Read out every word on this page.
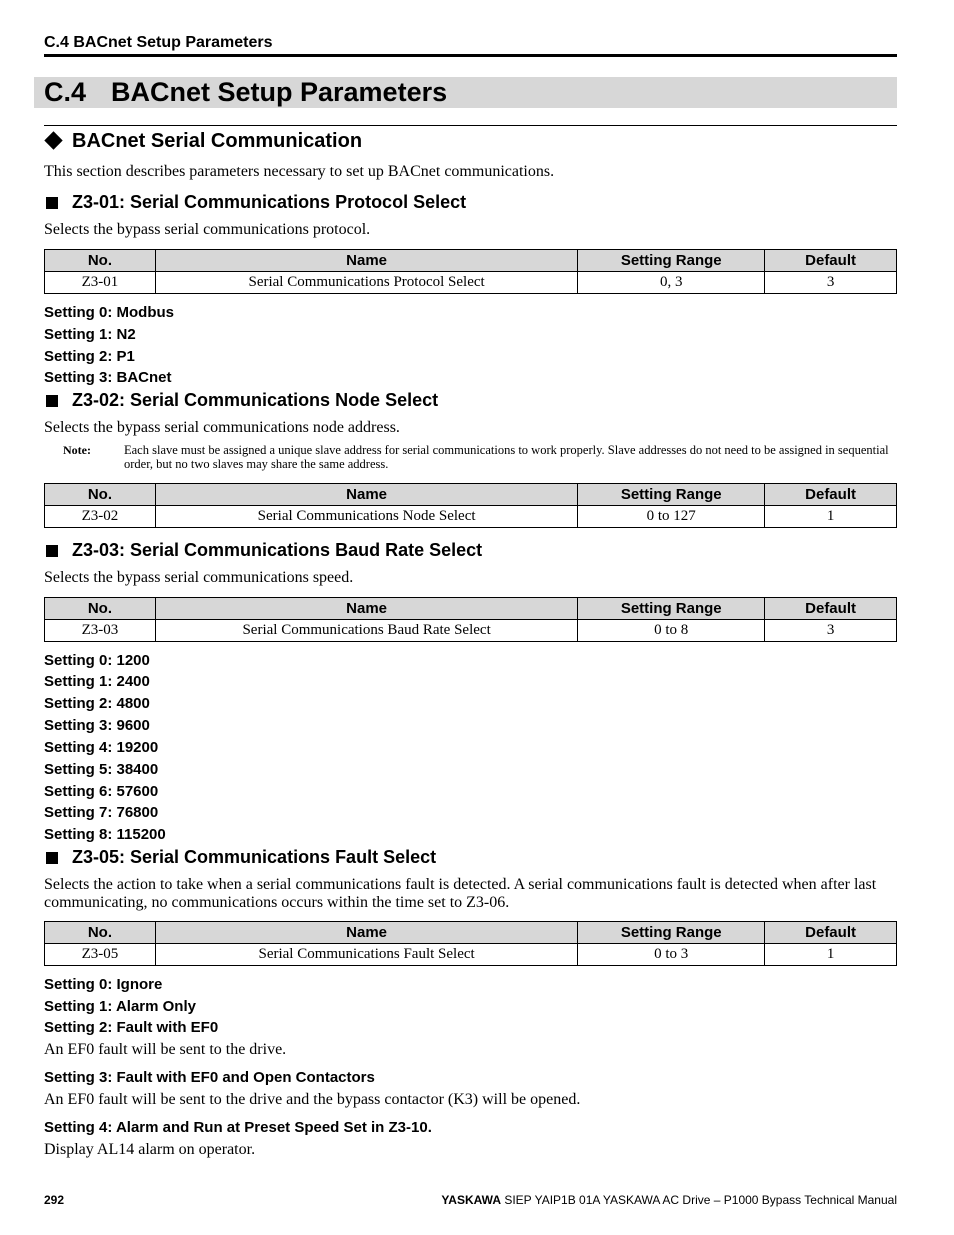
C.4 BACnet Setup Parameters
C.4 BACnet Setup Parameters
BACnet Serial Communication
This section describes parameters necessary to set up BACnet communications.
Z3-01: Serial Communications Protocol Select
Selects the bypass serial communications protocol.
No.	Name	Setting Range	Default
Z3-01	Serial Communications Protocol Select	0, 3	3
Setting 0: Modbus
Setting 1: N2
Setting 2: P1
Setting 3: BACnet
Z3-02: Serial Communications Node Select
Selects the bypass serial communications node address.
Note:	Each slave must be assigned a unique slave address for serial communications to work properly. Slave addresses do not need to be assigned in sequential order, but no two slaves may share the same address.
No.	Name	Setting Range	Default
Z3-02	Serial Communications Node Select	0 to 127	1
Z3-03: Serial Communications Baud Rate Select
Selects the bypass serial communications speed.
No.	Name	Setting Range	Default
Z3-03	Serial Communications Baud Rate Select	0 to 8	3
Setting 0: 1200
Setting 1: 2400
Setting 2: 4800
Setting 3: 9600
Setting 4: 19200
Setting 5: 38400
Setting 6: 57600
Setting 7: 76800
Setting 8: 115200
Z3-05: Serial Communications Fault Select
Selects the action to take when a serial communications fault is detected. A serial communications fault is detected when after last communicating, no communications occurs within the time set to Z3-06.
No.	Name	Setting Range	Default
Z3-05	Serial Communications Fault Select	0 to 3	1
Setting 0: Ignore
Setting 1: Alarm Only
Setting 2: Fault with EF0
An EF0 fault will be sent to the drive.
Setting 3: Fault with EF0 and Open Contactors
An EF0 fault will be sent to the drive and the bypass contactor (K3) will be opened.
Setting 4: Alarm and Run at Preset Speed Set in Z3-10.
Display AL14 alarm on operator.
292	YASKAWA SIEP YAIP1B 01A YASKAWA AC Drive – P1000 Bypass Technical Manual
